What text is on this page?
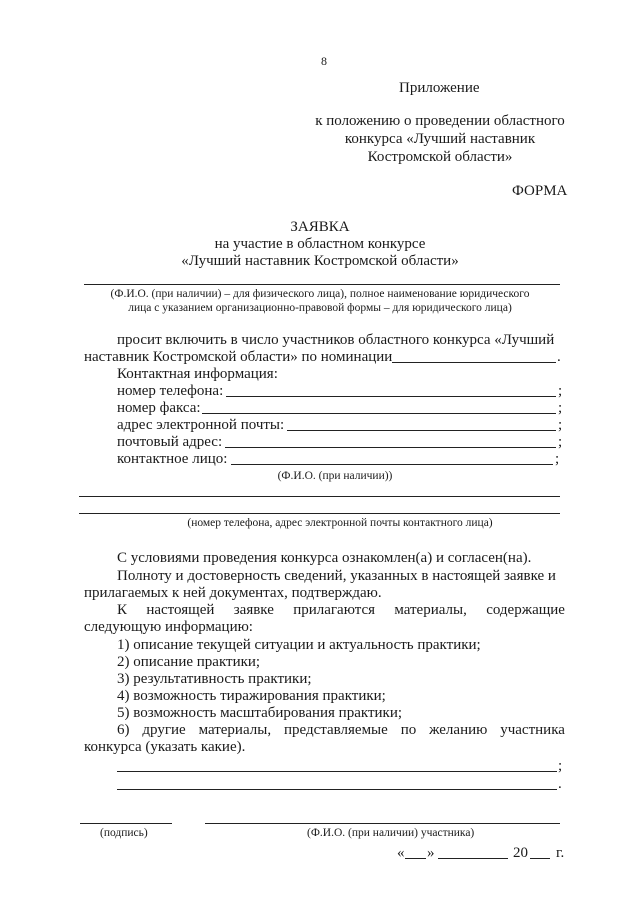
8
Приложение
к положению о проведении областного
конкурса «Лучший наставник
Костромской области»
ФОРМА
ЗАЯВКА
на участие в областном конкурсе
«Лучший наставник Костромской области»
(Ф.И.О. (при наличии) – для физического лица), полное наименование юридического
лица с указанием организационно-правовой формы – для юридического лица)
просит включить в число участников областного конкурса «Лучший
наставник Костромской области» по номинации	.
Контактная информация:
номер телефона:	;
номер факса:	;
адрес электронной почты:	;
почтовый адрес:	;
контактное лицо:	;
(Ф.И.О. (при наличии))
(номер телефона, адрес электронной почты контактного лица)
С условиями проведения конкурса ознакомлен(а) и согласен(на).
Полноту и достоверность сведений, указанных в настоящей заявке и
прилагаемых к ней документах, подтверждаю.
К настоящей заявке прилагаются материалы, содержащие
следующую информацию:
1) описание текущей ситуации и актуальность практики;
2) описание практики;
3) результативность практики;
4) возможность тиражирования практики;
5) возможность масштабирования практики;
6) другие материалы, представляемые по желанию участника
конкурса (указать какие).
;
.
(подпись)	(Ф.И.О. (при наличии) участника)
« »	20 г.
